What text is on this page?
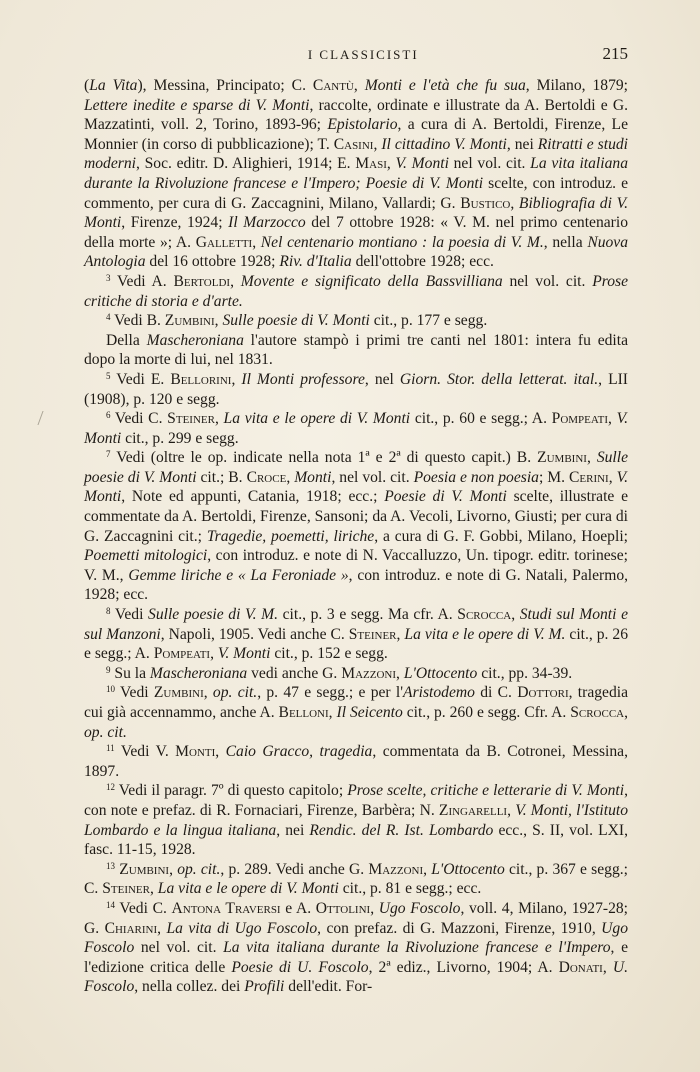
I CLASSICISTI	215

(La Vita), Messina, Principato; C. Cantù, Monti e l'età che fu sua, Milano, 1879; Lettere inedite e sparse di V. Monti, raccolte, ordinate e illustrate da A. Bertoldi e G. Mazzatinti, voll. 2, Torino, 1893-96; Epistolario, a cura di A. Bertoldi, Firenze, Le Monnier (in corso di pubblicazione); T. Casini, Il cittadino V. Monti, nei Ritratti e studi moderni, Soc. editr. D. Alighieri, 1914; E. Masi, V. Monti nel vol. cit. La vita italiana durante la Rivoluzione francese e l'Impero; Poesie di V. Monti scelte, con introduz. e commento, per cura di G. Zaccagnini, Milano, Vallardi; G. Bustico, Bibliografia di V. Monti, Firenze, 1924; Il Marzocco del 7 ottobre 1928: « V. M. nel primo centenario della morte »; A. Galletti, Nel centenario montiano : la poesia di V. M., nella Nuova Antologia del 16 ottobre 1928; Riv. d'Italia dell'ottobre 1928; ecc.

$^3$ Vedi A. Bertoldi, Movente e significato della Bassvilliana nel vol. cit. Prose critiche di storia e d'arte.

$^4$ Vedi B. Zumbini, Sulle poesie di V. Monti cit., p. 177 e segg.

Della Mascheroniana l'autore stampò i primi tre canti nel 1801: intera fu edita dopo la morte di lui, nel 1831.

$^5$ Vedi E. Bellorini, Il Monti professore, nel Giorn. Stor. della letterat. ital., LII (1908), p. 120 e segg.

$^6$ Vedi C. Steiner, La vita e le opere di V. Monti cit., p. 60 e segg.; A. Pompeati, V. Monti cit., p. 299 e segg.

$^7$ Vedi (oltre le op. indicate nella nota 1ª e 2ª di questo capit.) B. Zumbini, Sulle poesie di V. Monti cit.; B. Croce, Monti, nel vol. cit. Poesia e non poesia; M. Cerini, V. Monti, Note ed appunti, Catania, 1918; ecc.; Poesie di V. Monti scelte, illustrate e commentate da A. Bertoldi, Firenze, Sansoni; da A. Vecoli, Livorno, Giusti; per cura di G. Zaccagnini cit.; Tragedie, poemetti, liriche, a cura di G. F. Gobbi, Milano, Hoepli; Poemetti mitologici, con introduz. e note di N. Vaccalluzzo, Un. tipogr. editr. torinese; V. M., Gemme liriche e « La Feroniade », con introduz. e note di G. Natali, Palermo, 1928; ecc.

$^8$ Vedi Sulle poesie di V. M. cit., p. 3 e segg. Ma cfr. A. Scrocca, Studi sul Monti e sul Manzoni, Napoli, 1905. Vedi anche C. Steiner, La vita e le opere di V. M. cit., p. 26 e segg.; A. Pompeati, V. Monti cit., p. 152 e segg.

$^9$ Su la Mascheroniana vedi anche G. Mazzoni, L'Ottocento cit., pp. 34-39.

$^{10}$ Vedi Zumbini, op. cit., p. 47 e segg.; e per l'Aristodemo di C. Dottori, tragedia cui già accennammo, anche A. Belloni, Il Seicento cit., p. 260 e segg. Cfr. A. Scrocca, op. cit.

$^{11}$ Vedi V. Monti, Caio Gracco, tragedia, commentata da B. Cotronei, Messina, 1897.

$^{12}$ Vedi il paragr. 7º di questo capitolo; Prose scelte, critiche e letterarie di V. Monti, con note e prefaz. di R. Fornaciari, Firenze, Barbèra; N. Zingarelli, V. Monti, l'Istituto Lombardo e la lingua italiana, nei Rendic. del R. Ist. Lombardo ecc., S. II, vol. LXI, fasc. 11-15, 1928.

$^{13}$ Zumbini, op. cit., p. 289. Vedi anche G. Mazzoni, L'Ottocento cit., p. 367 e segg.; C. Steiner, La vita e le opere di V. Monti cit., p. 81 e segg.; ecc.

$^{14}$ Vedi C. Antona Traversi e A. Ottolini, Ugo Foscolo, voll. 4, Milano, 1927-28; G. Chiarini, La vita di Ugo Foscolo, con prefaz. di G. Mazzoni, Firenze, 1910, Ugo Foscolo nel vol. cit. La vita italiana durante la Rivoluzione francese e l'Impero, e l'edizione critica delle Poesie di U. Foscolo, 2ª ediz., Livorno, 1904; A. Donati, U. Foscolo, nella collez. dei Profili dell'edit. For-
